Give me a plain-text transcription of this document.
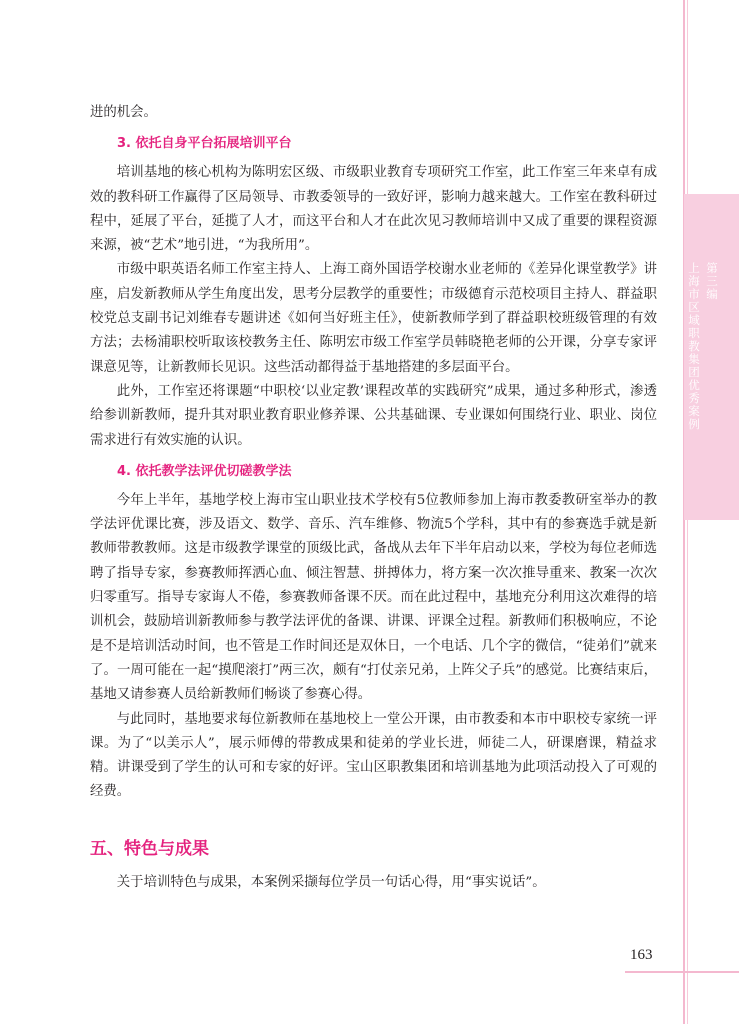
第三编
上海市区域职教集团优秀案例

进的机会。

3. 依托自身平台拓展培训平台

培训基地的核心机构为陈明宏区级、市级职业教育专项研究工作室，此工作室三年来卓有成效的教科研工作赢得了区局领导、市教委领导的一致好评，影响力越来越大。工作室在教科研过程中，延展了平台，延揽了人才，而这平台和人才在此次见习教师培训中又成了重要的课程资源来源，被“艺术”地引进，“为我所用”。

市级中职英语名师工作室主持人、上海工商外国语学校谢水业老师的《差异化课堂教学》讲座，启发新教师从学生角度出发，思考分层教学的重要性；市级德育示范校项目主持人、群益职校党总支副书记刘维春专题讲述《如何当好班主任》，使新教师学到了群益职校班级管理的有效方法；去杨浦职校听取该校教务主任、陈明宏市级工作室学员韩晓艳老师的公开课，分享专家评课意见等，让新教师长见识。这些活动都得益于基地搭建的多层面平台。

此外，工作室还将课题“中职校‘以业定教’课程改革的实践研究”成果，通过多种形式，渗透给参训新教师，提升其对职业教育职业修养课、公共基础课、专业课如何围绕行业、职业、岗位需求进行有效实施的认识。

4. 依托教学法评优切磋教学法

今年上半年，基地学校上海市宝山职业技术学校有5位教师参加上海市教委教研室举办的教学法评优课比赛，涉及语文、数学、音乐、汽车维修、物流5个学科，其中有的参赛选手就是新教师带教教师。这是市级教学课堂的顶级比武，备战从去年下半年启动以来，学校为每位老师选聘了指导专家，参赛教师挥洒心血、倾注智慧、拼搏体力，将方案一次次推导重来、教案一次次归零重写。指导专家诲人不倦，参赛教师备课不厌。而在此过程中，基地充分利用这次难得的培训机会，鼓励培训新教师参与教学法评优的备课、讲课、评课全过程。新教师们积极响应，不论是不是培训活动时间，也不管是工作时间还是双休日，一个电话、几个字的微信，“徒弟们”就来了。一周可能在一起“摸爬滚打”两三次，颇有“打仗亲兄弟，上阵父子兵”的感觉。比赛结束后，基地又请参赛人员给新教师们畅谈了参赛心得。

与此同时，基地要求每位新教师在基地校上一堂公开课，由市教委和本市中职校专家统一评课。为了“以美示人”，展示师傅的带教成果和徒弟的学业长进，师徒二人，研课磨课，精益求精。讲课受到了学生的认可和专家的好评。宝山区职教集团和培训基地为此项活动投入了可观的经费。

五、特色与成果

关于培训特色与成果，本案例采撷每位学员一句话心得，用“事实说话”。

163
